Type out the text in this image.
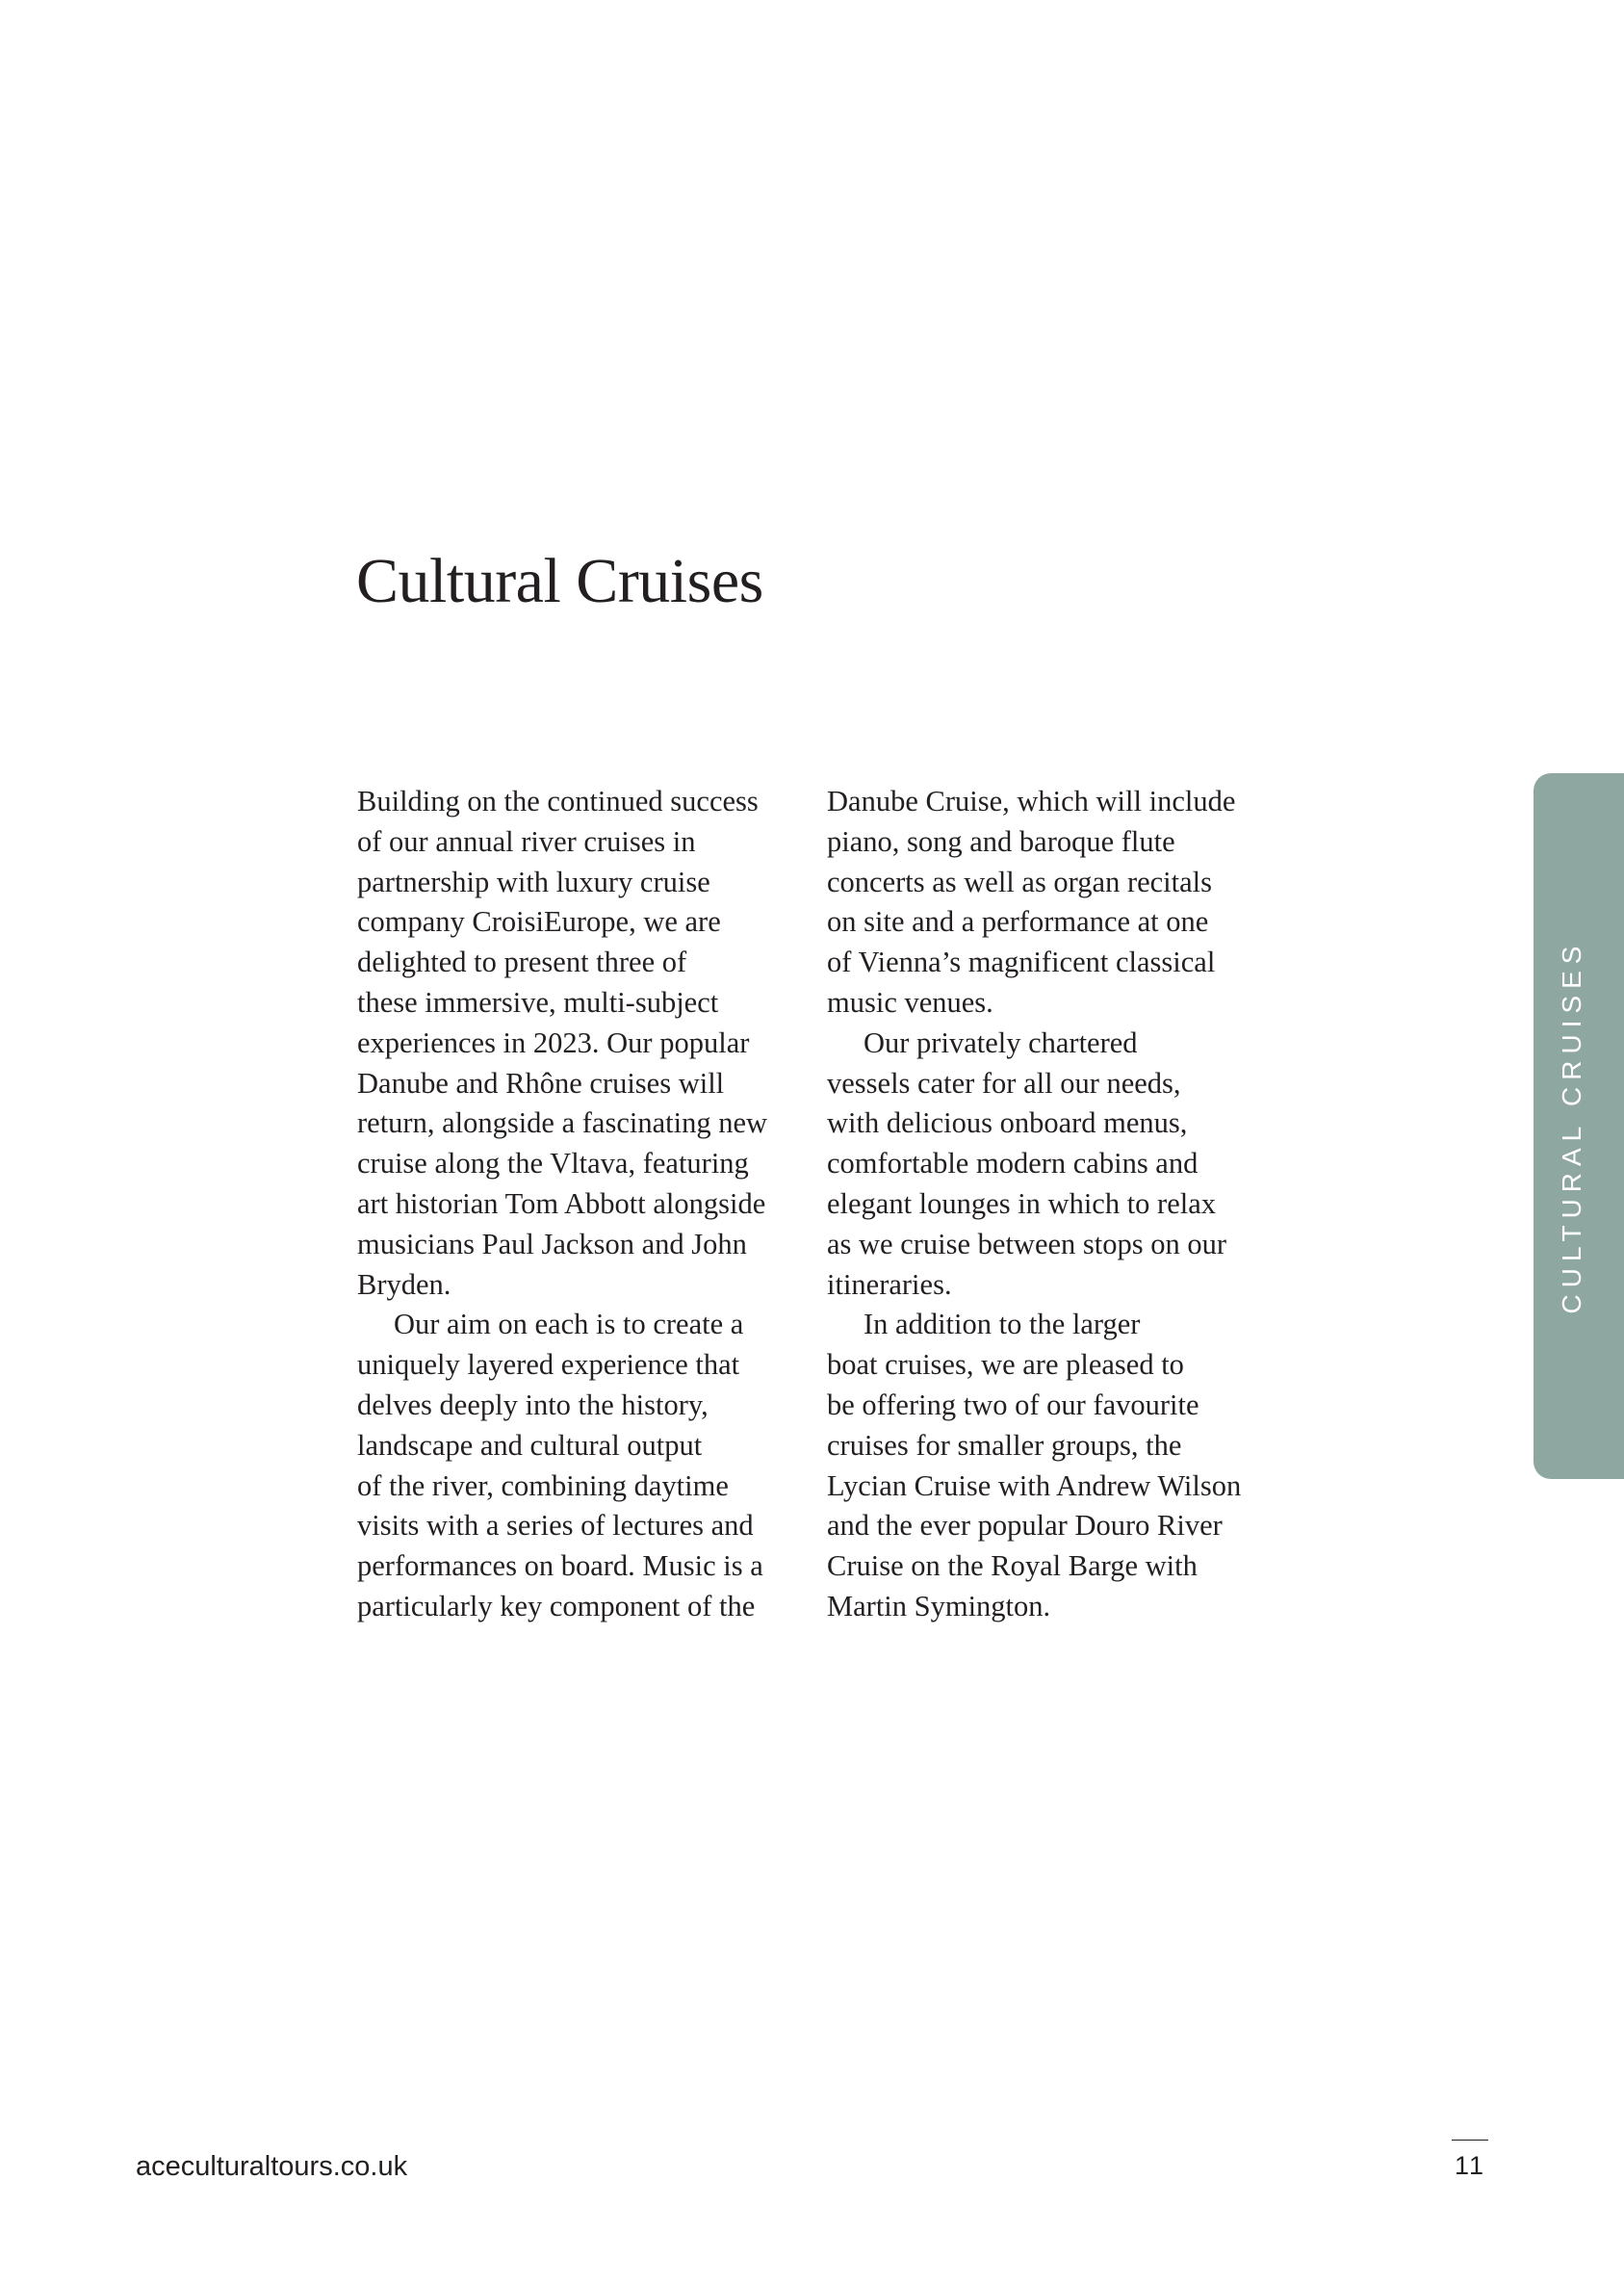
Cultural Cruises

Building on the continued success
of our annual river cruises in
partnership with luxury cruise
company CroisiEurope, we are
delighted to present three of
these immersive, multi-subject
experiences in 2023. Our popular
Danube and Rhône cruises will
return, alongside a fascinating new
cruise along the Vltava, featuring
art historian Tom Abbott alongside
musicians Paul Jackson and John
Bryden.

Our aim on each is to create a
uniquely layered experience that
delves deeply into the history,
landscape and cultural output
of the river, combining daytime
visits with a series of lectures and
performances on board. Music is a
particularly key component of the

Danube Cruise, which will include
piano, song and baroque flute
concerts as well as organ recitals
on site and a performance at one
of Vienna’s magnificent classical
music venues.

Our privately chartered
vessels cater for all our needs,
with delicious onboard menus,
comfortable modern cabins and
elegant lounges in which to relax
as we cruise between stops on our
itineraries.

In addition to the larger
boat cruises, we are pleased to
be offering two of our favourite
cruises for smaller groups, the
Lycian Cruise with Andrew Wilson
and the ever popular Douro River
Cruise on the Royal Barge with
Martin Symington.

CULTURAL CRUISES
aceculturaltours.co.uk	11
